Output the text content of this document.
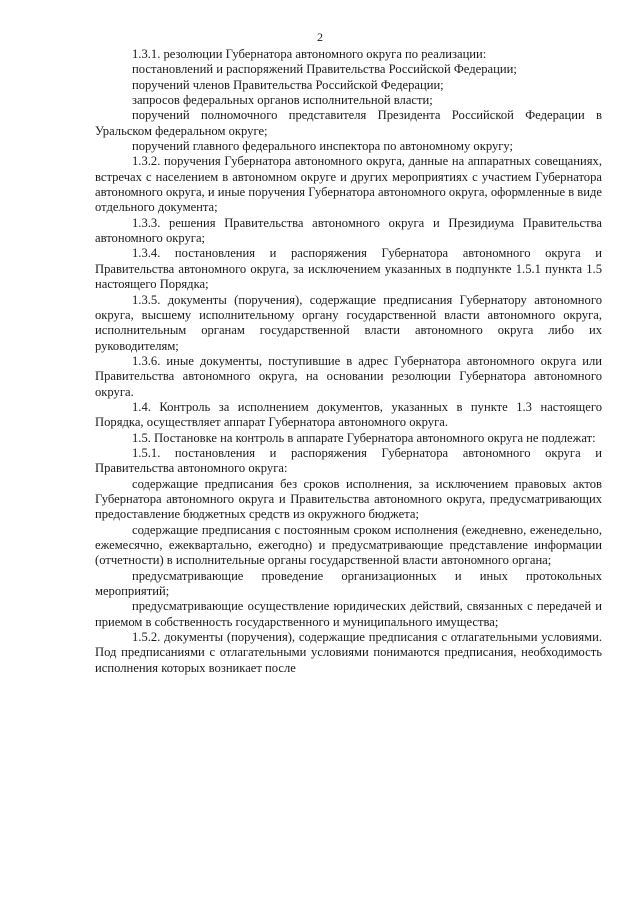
2

1.3.1. резолюции Губернатора автономного округа по реализации:

постановлений и распоряжений Правительства Российской Федерации;

поручений членов Правительства Российской Федерации;

запросов федеральных органов исполнительной власти;

поручений полномочного представителя Президента Российской Федерации в Уральском федеральном округе;

поручений главного федерального инспектора по автономному округу;

1.3.2. поручения Губернатора автономного округа, данные на аппаратных совещаниях, встречах с населением в автономном округе и других мероприятиях с участием Губернатора автономного округа, и иные поручения Губернатора автономного округа, оформленные в виде отдельного документа;

1.3.3. решения Правительства автономного округа и Президиума Правительства автономного округа;

1.3.4. постановления и распоряжения Губернатора автономного округа и Правительства автономного округа, за исключением указанных в подпункте 1.5.1 пункта 1.5 настоящего Порядка;

1.3.5. документы (поручения), содержащие предписания Губернатору автономного округа, высшему исполнительному органу государственной власти автономного округа, исполнительным органам государственной власти автономного округа либо их руководителям;

1.3.6. иные документы, поступившие в адрес Губернатора автономного округа или Правительства автономного округа, на основании резолюции Губернатора автономного округа.

1.4. Контроль за исполнением документов, указанных в пункте 1.3 настоящего Порядка, осуществляет аппарат Губернатора автономного округа.

1.5. Постановке на контроль в аппарате Губернатора автономного округа не подлежат:

1.5.1. постановления и распоряжения Губернатора автономного округа и Правительства автономного округа:

содержащие предписания без сроков исполнения, за исключением правовых актов Губернатора автономного округа и Правительства автономного округа, предусматривающих предоставление бюджетных средств из окружного бюджета;

содержащие предписания с постоянным сроком исполнения (ежедневно, еженедельно, ежемесячно, ежеквартально, ежегодно) и предусматривающие представление информации (отчетности) в исполнительные органы государственной власти автономного органа;

предусматривающие проведение организационных и иных протокольных мероприятий;

предусматривающие осуществление юридических действий, связанных с передачей и приемом в собственность государственного и муниципального имущества;

1.5.2. документы (поручения), содержащие предписания с отлагательными условиями. Под предписаниями с отлагательными условиями понимаются предписания, необходимость исполнения которых возникает после
